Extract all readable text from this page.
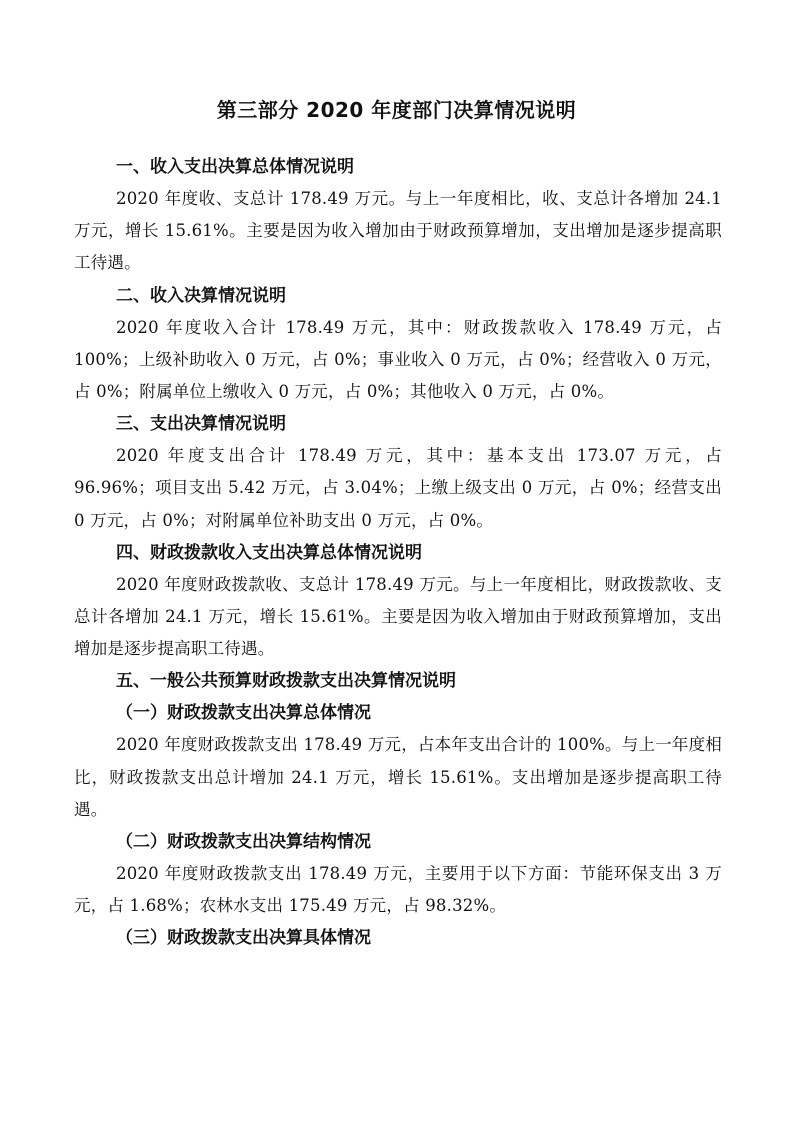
第三部分 2020 年度部门决算情况说明
一、收入支出决算总体情况说明
2020 年度收、支总计 178.49 万元。与上一年度相比，收、支总计各增加 24.1 万元，增长 15.61%。主要是因为收入增加由于财政预算增加，支出增加是逐步提高职工待遇。
二、收入决算情况说明
2020 年度收入合计 178.49 万元，其中：财政拨款收入 178.49 万元，占 100%；上级补助收入 0 万元，占 0%；事业收入 0 万元，占 0%；经营收入 0 万元，占 0%；附属单位上缴收入 0 万元，占 0%；其他收入 0 万元，占 0%。
三、支出决算情况说明
2020 年度支出合计 178.49 万元，其中：基本支出 173.07 万元，占 96.96%；项目支出 5.42 万元，占 3.04%；上缴上级支出 0 万元，占 0%；经营支出 0 万元，占 0%；对附属单位补助支出 0 万元，占 0%。
四、财政拨款收入支出决算总体情况说明
2020 年度财政拨款收、支总计 178.49 万元。与上一年度相比，财政拨款收、支总计各增加 24.1 万元，增长 15.61%。主要是因为收入增加由于财政预算增加，支出增加是逐步提高职工待遇。
五、一般公共预算财政拨款支出决算情况说明
（一）财政拨款支出决算总体情况
2020 年度财政拨款支出 178.49 万元，占本年支出合计的 100%。与上一年度相比，财政拨款支出总计增加 24.1 万元，增长 15.61%。支出增加是逐步提高职工待遇。
（二）财政拨款支出决算结构情况
2020 年度财政拨款支出 178.49 万元，主要用于以下方面：节能环保支出 3 万元，占 1.68%；农林水支出 175.49 万元，占 98.32%。
（三）财政拨款支出决算具体情况
